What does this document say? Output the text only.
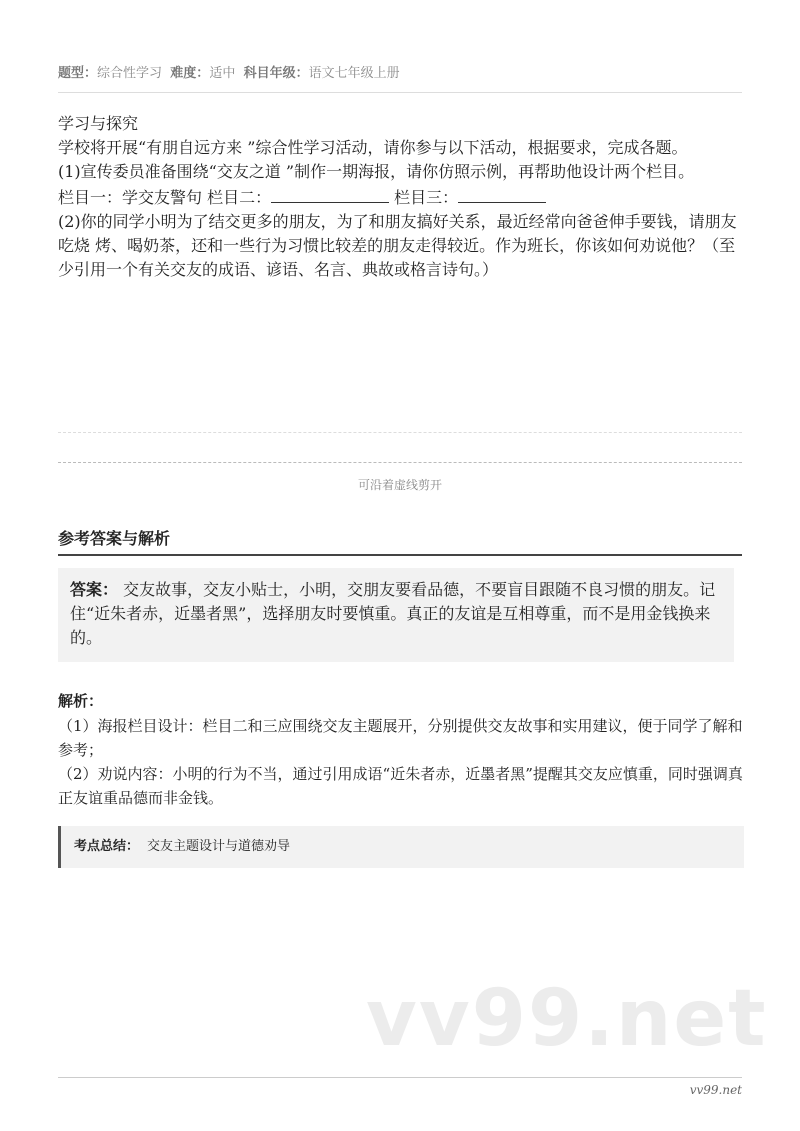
题型：综合性学习 难度：适中 科目年级：语文七年级上册

学习与探究

学校将开展“有朋自远方来 ”综合性学习活动，请你参与以下活动，根据要求，完成各题。

(1)宣传委员准备围绕“交友之道 ”制作一期海报，请你仿照示例，再帮助他设计两个栏目。

栏目一：学交友警句 栏目二：	栏目三：

(2)你的同学小明为了结交更多的朋友，为了和朋友搞好关系，最近经常向爸爸伸手要钱，请朋友吃烧 烤、喝奶茶，还和一些行为习惯比较差的朋友走得较近。作为班长，你该如何劝说他？（至少引用一个有关交友的成语、谚语、名言、典故或格言诗句。）

可沿着虚线剪开
参考答案与解析
答案： 交友故事，交友小贴士，小明，交朋友要看品德，不要盲目跟随不良习惯的朋友。记住“近朱者赤，近墨者黑”，选择朋友时要慎重。真正的友谊是互相尊重，而不是用金钱换来的。
解析：

（1）海报栏目设计：栏目二和三应围绕交友主题展开，分别提供交友故事和实用建议，便于同学了解和参考；

（2）劝说内容：小明的行为不当，通过引用成语“近朱者赤，近墨者黑”提醒其交友应慎重，同时强调真正友谊重品德而非金钱。

考点总结： 交友主题设计与道德劝导
vv99.net
vv99.net
